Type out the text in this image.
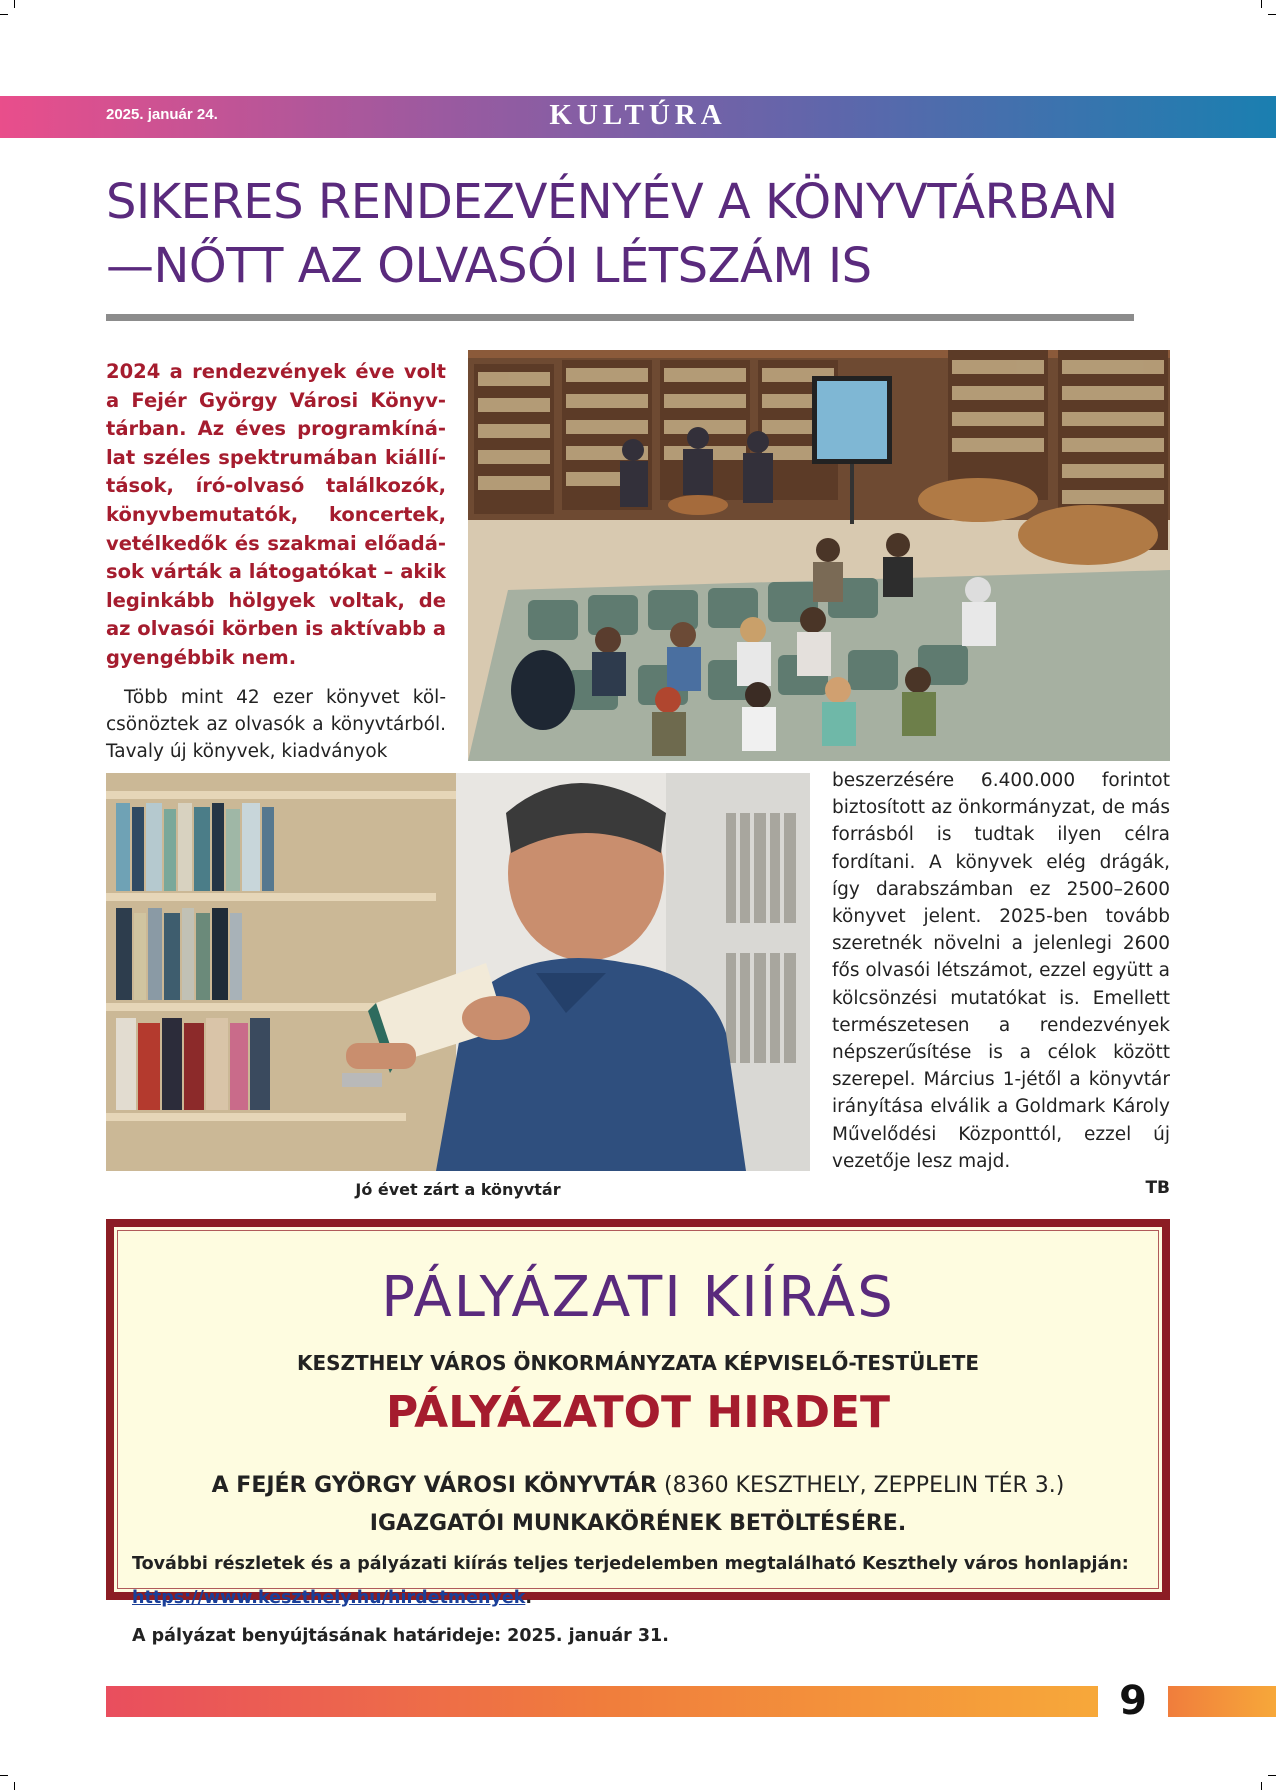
2025. január 24.	KULTÚRA
SIKERES RENDEZVÉNYÉV A KÖNYVTÁRBAN
—NŐTT AZ OLVASÓI LÉTSZÁM IS

2024 a rendezvények éve volt a Fejér György Városi Könyvtárban. Az éves programkínálat széles spektrumában kiállítások, író-olvasó találkozók, könyvbemutatók, koncertek, vetélkedők és szakmai előadások várták a látogatókat – akik leginkább hölgyek voltak, de az olvasói körben is aktívabb a gyengébbik nem.

Több mint 42 ezer könyvet kölcsönöztek az olvasók a könyvtárból. Tavaly új könyvek, kiadványok

Jó évet zárt a könyvtár

beszerzésére 6.400.000 forintot biztosított az önkormányzat, de más forrásból is tudtak ilyen célra fordítani. A könyvek elég drágák, így darabszámban ez 2500–2600 könyvet jelent. 2025-ben tovább szeretnék növelni a jelenlegi 2600 fős olvasói létszámot, ezzel együtt a kölcsönzési mutatókat is. Emellett természetesen a rendezvények népszerűsítése is a célok között szerepel. Március 1-jétől a könyvtár irányítása elválik a Goldmark Károly Művelődési Központtól, ezzel új vezetője lesz majd.

TB
PÁLYÁZATI KIÍRÁS
KESZTHELY VÁROS ÖNKORMÁNYZATA KÉPVISELŐ-TESTÜLETE
PÁLYÁZATOT HIRDET
A FEJÉR GYÖRGY VÁROSI KÖNYVTÁR (8360 KESZTHELY, ZEPPELIN TÉR 3.)
IGAZGATÓI MUNKAKÖRÉNEK BETÖLTÉSÉRE.
További részletek és a pályázati kiírás teljes terjedelemben megtalálható Keszthely város honlapján: https://www.keszthely.hu/hirdetmenyek.
A pályázat benyújtásának határideje: 2025. január 31.
9
